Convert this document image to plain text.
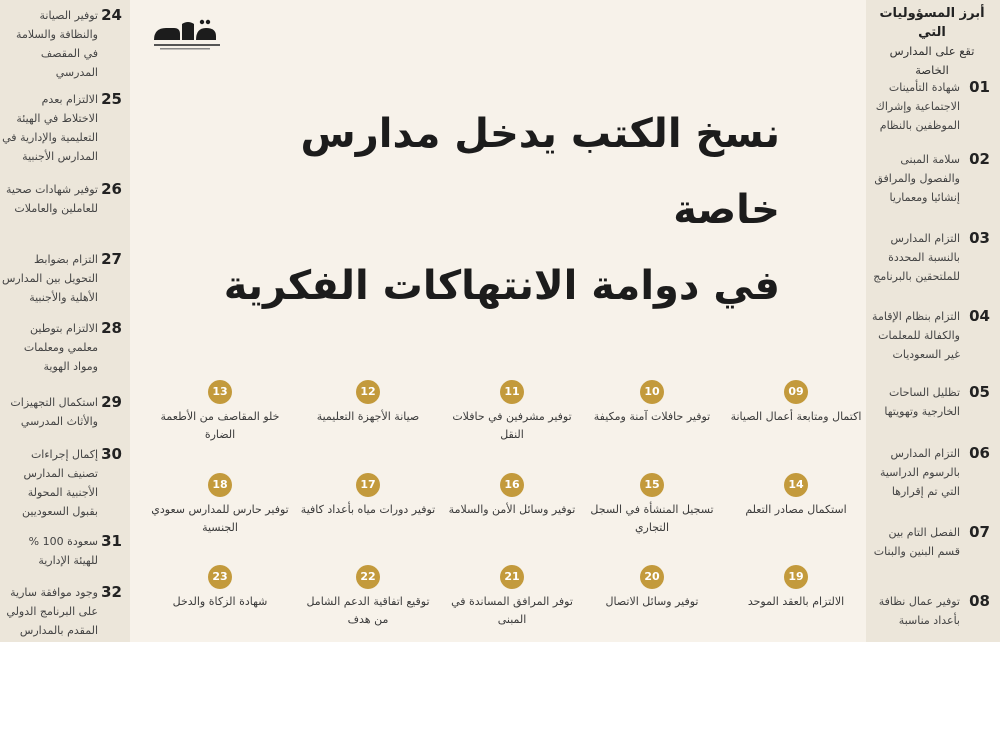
نسخ الكتب يدخل مدارس خاصة
في دوامة الانتهاكات الفكرية
أبرز المسؤوليات التي
تقع على المدارس
الخاصة
01
شهادة التأمينات الاجتماعية وإشراك الموظفين بالنظام
02
سلامة المبنى والفصول والمرافق إنشائيا ومعماريا
03
التزام المدارس بالنسبة المحددة للملتحقين بالبرنامج
04
التزام بنظام الإقامة والكفالة للمعلمات غير السعوديات
05
تظليل الساحات الخارجية وتهويتها
06
التزام المدارس بالرسوم الدراسية التي تم إقرارها
07
الفصل التام بين قسم البنين والبنات
08
توفير عمال نظافة بأعداد مناسبة
24
توفير الصيانة والنظافة والسلامة في المقصف المدرسي
25
الالتزام بعدم الاختلاط في الهيئة التعليمية والإدارية في المدارس الأجنبية
26
توفير شهادات صحية للعاملين والعاملات
27
التزام بضوابط التحويل بين المدارس الأهلية والأجنبية
28
الالتزام بتوطين معلمي ومعلمات ومواد الهوية
29
استكمال التجهيزات والأثاث المدرسي
30
إكمال إجراءات تصنيف المدارس الأجنبية المحولة بقبول السعوديين
31
سعودة 100 % للهيئة الإدارية
32
وجود موافقة سارية على البرنامج الدولي المقدم بالمدارس
09
اكتمال ومتابعة أعمال الصيانة
10
توفير حافلات آمنة ومكيفة
11
توفير مشرفين في حافلات النقل
12
صيانة الأجهزة التعليمية
13
خلو المقاصف من الأطعمة الضارة
14
استكمال مصادر التعلم
15
تسجيل المنشأة في السجل التجاري
16
توفير وسائل الأمن والسلامة
17
توفير دورات مياه بأعداد كافية
18
توفير حارس للمدارس سعودي الجنسية
19
الالتزام بالعقد الموحد
20
توفير وسائل الاتصال
21
توفر المرافق المساندة في المبنى
22
توقيع اتفاقية الدعم الشامل من هدف
23
شهادة الزكاة والدخل
